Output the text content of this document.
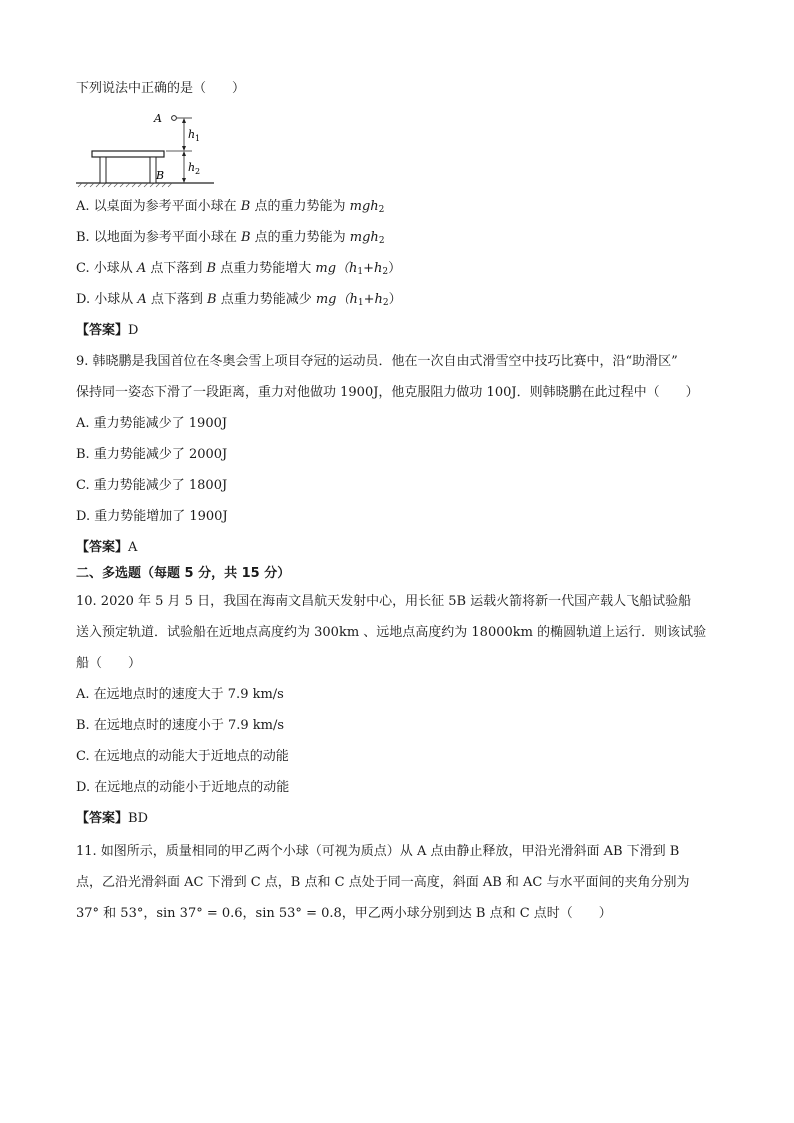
下列说法中正确的是（　　）
A
B
h 1
h 2
A. 以桌面为参考平面小球在 B 点的重力势能为 mgh$_2$
B. 以地面为参考平面小球在 B 点的重力势能为 mgh$_2$
C. 小球从 A 点下落到 B 点重力势能增大 $mg(h_1+h_2)$
D. 小球从 A 点下落到 B 点重力势能减少 $mg(h_1+h_2)$
【答案】D
9. 韩晓鹏是我国首位在冬奥会雪上项目夺冠的运动员．他在一次自由式滑雪空中技巧比赛中，沿“助滑区”
保持同一姿态下滑了一段距离，重力对他做功 1900J，他克服阻力做功 100J．则韩晓鹏在此过程中（　　）
A. 重力势能减少了 1900J
B. 重力势能减少了 2000J
C. 重力势能减少了 1800J
D. 重力势能增加了 1900J
【答案】A
二、多选题（每题 5 分，共 15 分）
10. 2020 年 5 月 5 日，我国在海南文昌航天发射中心，用长征 5B 运载火箭将新一代国产载人飞船试验船
送入预定轨道．试验船在近地点高度约为 300km 、远地点高度约为 18000km 的椭圆轨道上运行．则该试验
船（　　）
A. 在远地点时的速度大于 7.9 km/s
B. 在远地点时的速度小于 7.9 km/s
C. 在远地点的动能大于近地点的动能
D. 在远地点的动能小于近地点的动能
【答案】BD
11. 如图所示，质量相同的甲乙两个小球（可视为质点）从 A 点由静止释放，甲沿光滑斜面 AB 下滑到 B
点，乙沿光滑斜面 AC 下滑到 C 点，B 点和 C 点处于同一高度，斜面 AB 和 AC 与水平面间的夹角分别为
37° 和 53°，sin 37° = 0.6，sin 53° = 0.8，甲乙两小球分别到达 B 点和 C 点时（　　）
